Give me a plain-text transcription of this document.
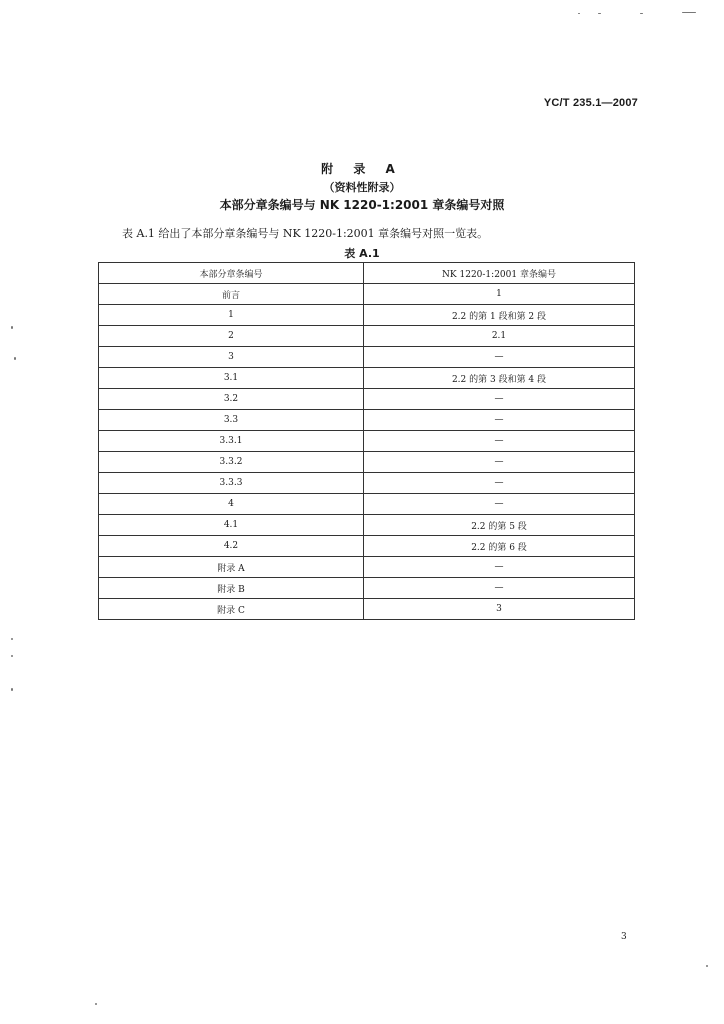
YC/T 235.1—2007
附 录 A
（资料性附录）
本部分章条编号与 NK 1220-1:2001 章条编号对照
表 A.1 给出了本部分章条编号与 NK 1220-1:2001 章条编号对照一览表。
表 A.1
本部分章条编号	NK 1220-1:2001 章条编号
前言	1
1	2.2 的第 1 段和第 2 段
2	2.1
3	—
3.1	2.2 的第 3 段和第 4 段
3.2	—
3.3	—
3.3.1	—
3.3.2	—
3.3.3	—
4	—
4.1	2.2 的第 5 段
4.2	2.2 的第 6 段
附录 A	—
附录 B	—
附录 C	3
3
